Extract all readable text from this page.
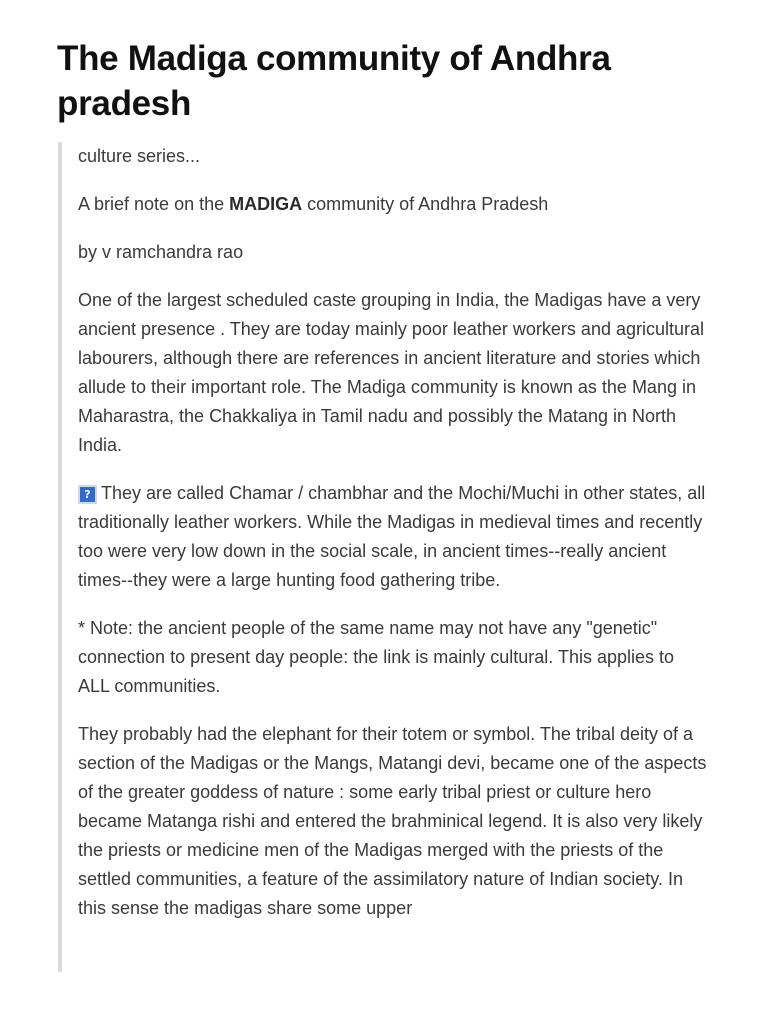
The Madiga community of Andhra pradesh

culture series...

A brief note on the MADIGA community of Andhra Pradesh

by v ramchandra rao

One of the largest scheduled caste grouping in India, the Madigas have a very ancient presence . They are today mainly poor leather workers and agricultural labourers, although there are references in ancient literature and stories which allude to their important role. The Madiga community is known as the Mang in Maharastra, the Chakkaliya in Tamil nadu and possibly the Matang in North India.

? They are called Chamar / chambhar and the Mochi/Muchi in other states, all traditionally leather workers. While the Madigas in medieval times and recently too were very low down in the social scale, in ancient times--really ancient times--they were a large hunting food gathering tribe.

* Note: the ancient people of the same name may not have any "genetic" connection to present day people: the link is mainly cultural. This applies to ALL communities.

They probably had the elephant for their totem or symbol. The tribal deity of a section of the Madigas or the Mangs, Matangi devi, became one of the aspects of the greater goddess of nature : some early tribal priest or culture hero became Matanga rishi and entered the brahminical legend. It is also very likely the priests or medicine men of the Madigas merged with the priests of the settled communities, a feature of the assimilatory nature of Indian society. In this sense the madigas share some upper
